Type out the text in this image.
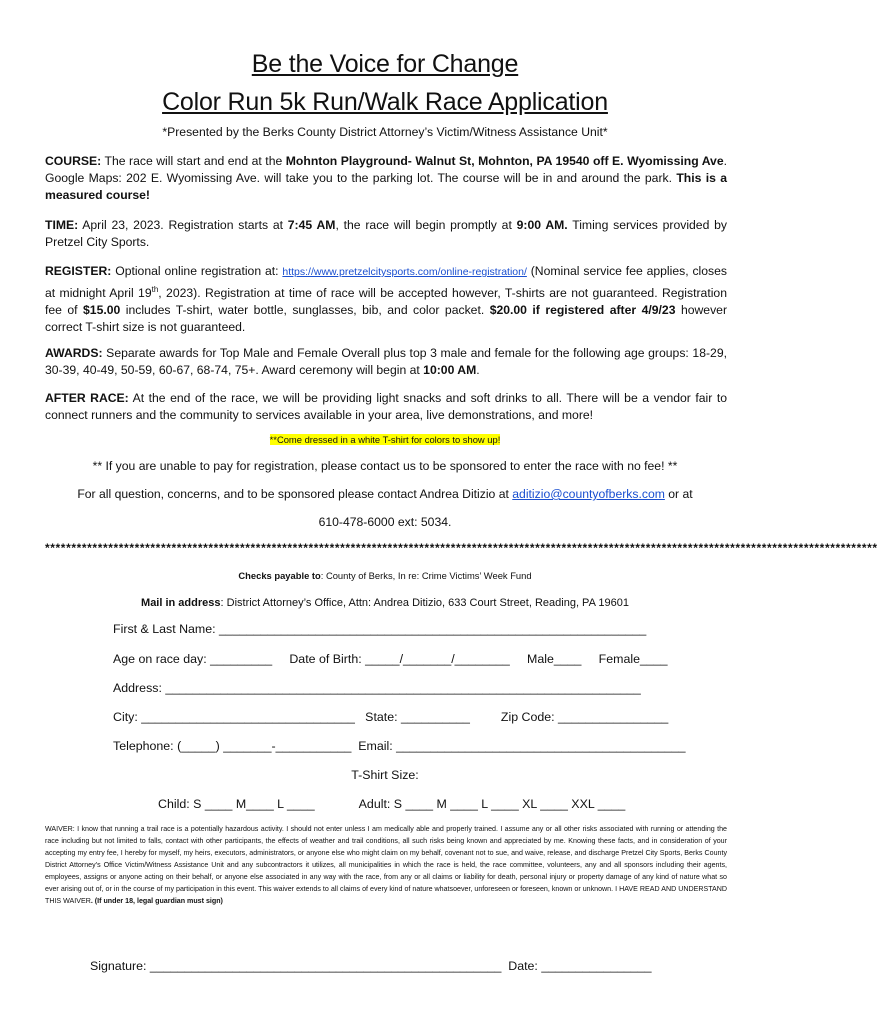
Be the Voice for Change
Color Run 5k Run/Walk Race Application
*Presented by the Berks County District Attorney’s Victim/Witness Assistance Unit*
COURSE: The race will start and end at the Mohnton Playground- Walnut St, Mohnton, PA 19540 off E. Wyomissing Ave. Google Maps: 202 E. Wyomissing Ave. will take you to the parking lot. The course will be in and around the park. This is a measured course!
TIME: April 23, 2023. Registration starts at 7:45 AM, the race will begin promptly at 9:00 AM. Timing services provided by Pretzel City Sports.
REGISTER: Optional online registration at: https://www.pretzelcitysports.com/online-registration/ (Nominal service fee applies, closes at midnight April 19th, 2023). Registration at time of race will be accepted however, T-shirts are not guaranteed. Registration fee of $15.00 includes T-shirt, water bottle, sunglasses, bib, and color packet. $20.00 if registered after 4/9/23 however correct T-shirt size is not guaranteed.
AWARDS: Separate awards for Top Male and Female Overall plus top 3 male and female for the following age groups: 18-29, 30-39, 40-49, 50-59, 60-67, 68-74, 75+. Award ceremony will begin at 10:00 AM.
AFTER RACE: At the end of the race, we will be providing light snacks and soft drinks to all. There will be a vendor fair to connect runners and the community to services available in your area, live demonstrations, and more!
**Come dressed in a white T-shirt for colors to show up!
** If you are unable to pay for registration, please contact us to be sponsored to enter the race with no fee! **
For all question, concerns, and to be sponsored please contact Andrea Ditizio at aditizio@countyofberks.com or at
610-478-6000 ext: 5034.
**************************************************************************************************************************************************************
Checks payable to: County of Berks, In re: Crime Victims’ Week Fund
Mail in address: District Attorney’s Office, Attn: Andrea Ditizio, 633 Court Street, Reading, PA 19601
First & Last Name: ______________________________________________________________
Age on race day: _________     Date of Birth: _____/_______/________     Male____     Female____
Address: _____________________________________________________________________
City: _______________________________   State: __________         Zip Code: ________________
Telephone: (_____) _______-___________  Email: __________________________________________
T-Shirt Size:
Child: S ____ M____ L ____             Adult: S ____ M ____ L ____ XL ____ XXL ____
WAIVER: I know that running a trail race is a potentially hazardous activity. I should not enter unless I am medically able and properly trained. I assume any or all other risks associated with running or attending the race including but not limited to falls, contact with other participants, the effects of weather and trail conditions, all such risks being known and appreciated by me. Knowing these facts, and in consideration of your accepting my entry fee, I hereby for myself, my heirs, executors, administrators, or anyone else who might claim on my behalf, covenant not to sue, and waive, release, and discharge Pretzel City Sports, Berks County District Attorney’s Office Victim/Witness Assistance Unit and any subcontractors it utilizes, all municipalities in which the race is held, the race committee, volunteers, any and all sponsors including their agents, employees, assigns or anyone acting on their behalf, or anyone else associated in any way with the race, from any or all claims or liability for death, personal injury or property damage of any kind of nature what so ever arising out of, or in the course of my participation in this event. This waiver extends to all claims of every kind of nature whatsoever, unforeseen or foreseen, known or unknown. I HAVE READ AND UNDERSTAND THIS WAIVER. (If under 18, legal guardian must sign)
Signature: ___________________________________________________  Date: ________________
